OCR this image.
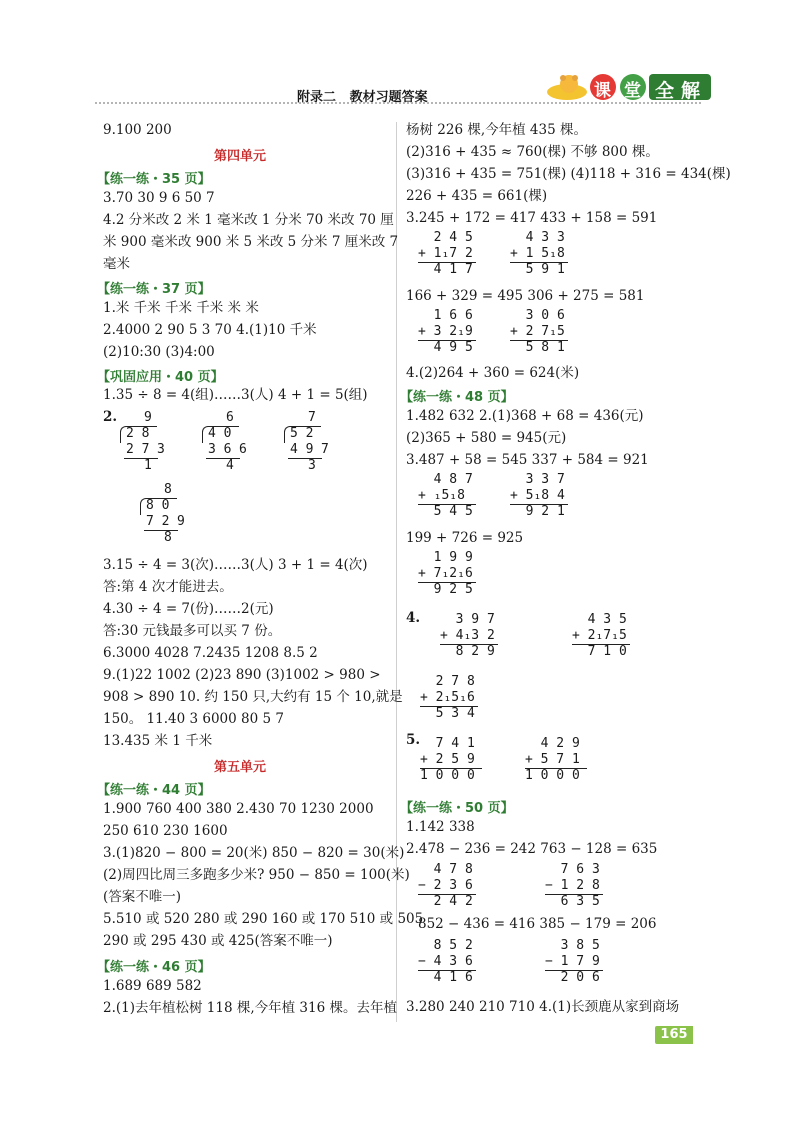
附录二   教材习题答案	课 堂 全 解
9.100 200
第四单元
【练一练・35 页】
3.70 30 9 6 50 7
4.2 分米改 2 米 1 毫米改 1 分米 70 米改 70 厘
米 900 毫米改 900 米 5 米改 5 分米 7 厘米改 7
毫米
【练一练・37 页】
1.米 千米 千米 千米 米 米
2.4000 2 90 5 3 70 4.(1)10 千米
(2)10:30 (3)4:00
【巩固应用・40 页】
1.35 ÷ 8 = 4(组)……3(人) 4 + 1 = 5(组)
2.	9

3

2 8

2 7
1
6

6

4 0

3 6
4
7

7

5 2

4 9
3
8

9

8 0

7 2
8
3.15 ÷ 4 = 3(次)……3(人) 3 + 1 = 4(次)
答:第 4 次才能进去。
4.30 ÷ 4 = 7(份)……2(元)
答:30 元钱最多可以买 7 份。
6.3000 4028 7.2435 1208 8.5 2
9.(1)22 1002 (2)23 890 (3)1002 > 980 >
908 > 890 10. 约 150 只,大约有 15 个 10,就是
150。 11.40 3 6000 80 5 7
13.435 米 1 千米
第五单元
【练一练・44 页】
1.900 760 400 380 2.430 70 1230 2000
250 610 230 1600
3.(1)820 − 800 = 20(米) 850 − 820 = 30(米)
(2)周四比周三多跑多少米? 950 − 850 = 100(米)
(答案不唯一)
5.510 或 520 280 或 290 160 或 170 510 或 505
290 或 295 430 或 425(答案不唯一)
【练一练・46 页】
1.689 689 582
2.(1)去年植松树 118 棵,今年植 316 棵。去年植
杨树 226 棵,今年植 435 棵。
(2)316 + 435 ≈ 760(棵) 不够 800 棵。
(3)316 + 435 = 751(棵) (4)118 + 316 = 434(棵)
226 + 435 = 661(棵)
3.245 + 172 = 417 433 + 158 = 591
2 4 5
+ 1₁7 2
4 1 7
4 3 3
+ 1 5₁8
5 9 1
166 + 329 = 495 306 + 275 = 581
1 6 6
+ 3 2₁9
4 9 5
3 0 6
+ 2 7₁5
5 8 1
4.(2)264 + 360 = 624(米)
【练一练・48 页】
1.482 632 2.(1)368 + 68 = 436(元)
(2)365 + 580 = 945(元)
3.487 + 58 = 545 337 + 584 = 921
4 8 7
+ ₁5₁8
5 4 5
3 3 7
+ 5₁8 4
9 2 1
199 + 726 = 925
1 9 9
+ 7₁2₁6
9 2 5
4. 3 9 7
+ 4₁3 2
8 2 9
4 3 5
+ 2₁7₁5
7 1 0
2 7 8
+ 2₁5₁6
5 3 4
5. 7 4 1
+ 2 5 9
1 0 0 0
4 2 9
+ 5 7 1
1 0 0 0
【练一练・50 页】
1.142 338
2.478 − 236 = 242 763 − 128 = 635
4 7 8
− 2 3 6
2 4 2
7 6 3
− 1 2 8
6 3 5
852 − 436 = 416 385 − 179 = 206
8 5 2
− 4 3 6
4 1 6
3 8 5
− 1 7 9
2 0 6
3.280 240 210 710 4.(1)长颈鹿从家到商场
165
